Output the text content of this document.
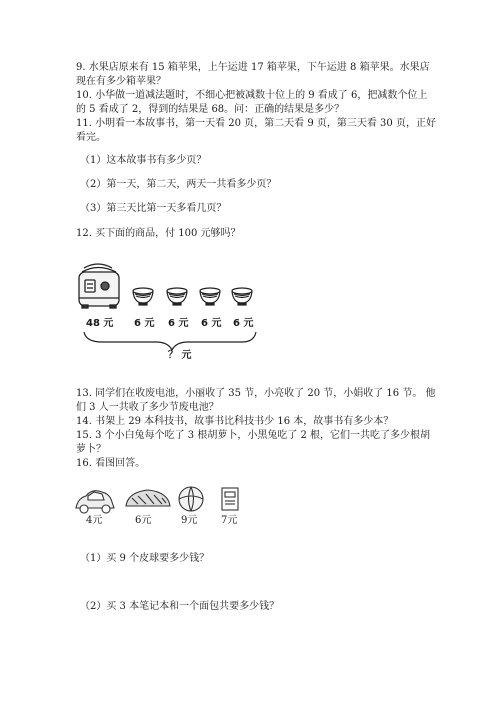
9. 水果店原来有 15 箱苹果，上午运进 17 箱苹果，下午运进 8 箱苹果。水果店
现在有多少箱苹果？
10. 小华做一道减法题时，不细心把被减数十位上的 9 看成了 6，把减数个位上
的 5 看成了 2，得到的结果是 68。问：正确的结果是多少？
11. 小明看一本故事书，第一天看 20 页，第二天看 9 页，第三天看 30 页，正好
看完。
（1）这本故事书有多少页？
（2）第一天，第二天，两天一共看多少页？
（3）第三天比第一天多看几页？
12. 买下面的商品，付 100 元够吗？
48 元 6 元 6 元 6 元 6 元
？ 元
13. 同学们在收废电池，小丽收了 35 节，小亮收了 20 节，小娟收了 16 节。 他
们 3 人一共收了多少节废电池？
14. 书架上 29 本科技书，故事书比科技书少 16 本，故事书有多少本？
15. 3 个小白兔每个吃了 3 根胡萝卜，小黑兔吃了 2 根，它们一共吃了多少根胡
萝卜？
16. 看图回答。
4元	6元	9元 7元
（1）买 9 个皮球要多少钱？
（2）买 3 本笔记本和一个面包共要多少钱？
